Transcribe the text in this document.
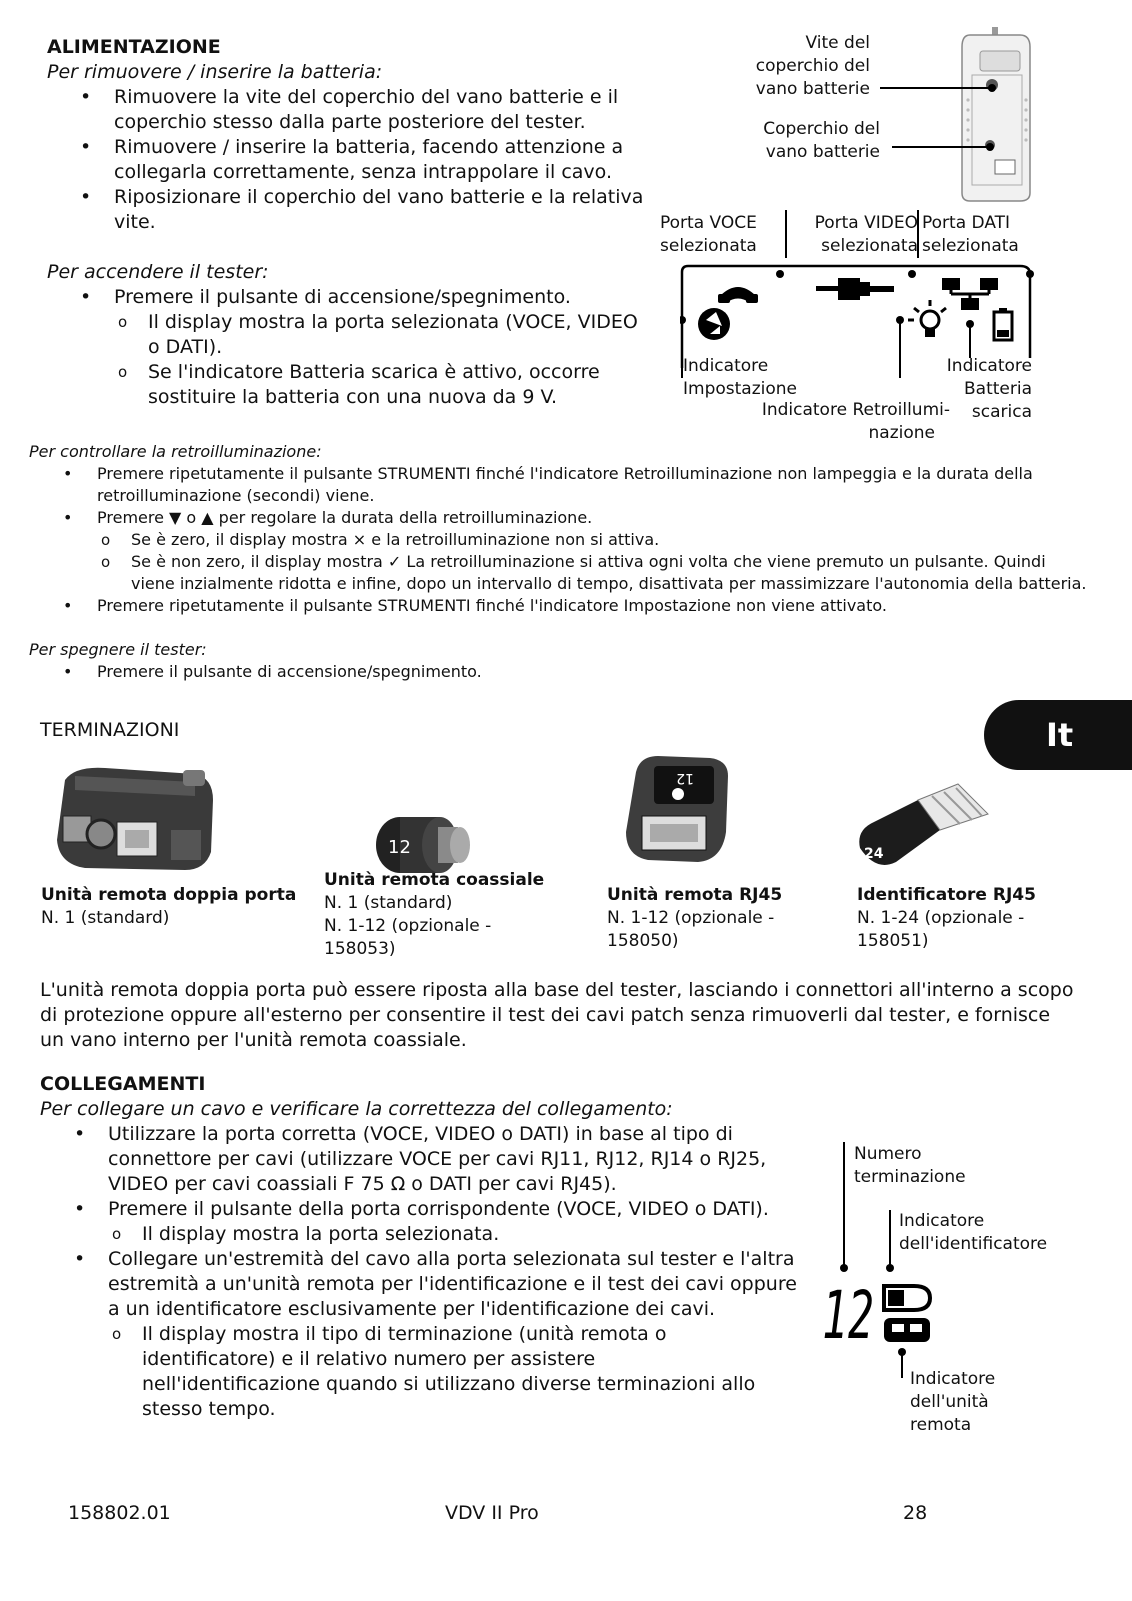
ALIMENTAZIONE
Per rimuovere / inserire la batteria:
• Rimuovere la vite del coperchio del vano batterie e il coperchio stesso dalla parte posteriore del tester.
• Rimuovere / inserire la batteria, facendo attenzione a collegarla correttamente, senza intrappolare il cavo.
• Riposizionare il coperchio del vano batterie e la relativa vite.
Per accendere il tester:
• Premere il pulsante di accensione/spegnimento.
o Il display mostra la porta selezionata (VOCE, VIDEO o DATI).
o Se l'indicatore Batteria scarica è attivo, occorre sostituire la batteria con una nuova da 9 V.
Vite del
coperchio del
vano batterie
Coperchio del
vano batterie
Porta VOCE
selezionata
Porta VIDEO
selezionata
Porta DATI
selezionata
Indicatore
Impostazione
Indicatore Retroillumi-
nazione
Indicatore
Batteria
scarica
Per controllare la retroilluminazione:
• Premere ripetutamente il pulsante STRUMENTI finché l'indicatore Retroilluminazione non lampeggia e la durata della retroilluminazione (secondi) viene.
• Premere ▼ o ▲ per regolare la durata della retroilluminazione.
o Se è zero, il display mostra × e la retroilluminazione non si attiva.
o Se è non zero, il display mostra ✓ La retroilluminazione si attiva ogni volta che viene premuto un pulsante. Quindi viene inzialmente ridotta e infine, dopo un intervallo di tempo, disattivata per massimizzare l'autonomia della batteria.
• Premere ripetutamente il pulsante STRUMENTI finché l'indicatore Impostazione non viene attivato.
Per spegnere il tester:
• Premere il pulsante di accensione/spegnimento.
It
TERMINAZIONI
12
12
24
Unità remota doppia porta
N. 1 (standard)
Unità remota coassiale
N. 1 (standard)
N. 1-12 (opzionale -
158053)
Unità remota RJ45
N. 1-12 (opzionale -
158050)
Identificatore RJ45
N. 1-24 (opzionale -
158051)
L'unità remota doppia porta può essere riposta alla base del tester, lasciando i connettori all'interno a scopo di protezione oppure all'esterno per consentire il test dei cavi patch senza rimuoverli dal tester, e fornisce un vano interno per l'unità remota coassiale.
COLLEGAMENTI
Per collegare un cavo e verificare la correttezza del collegamento:
• Utilizzare la porta corretta (VOCE, VIDEO o DATI) in base al tipo di connettore per cavi (utilizzare VOCE per cavi RJ11, RJ12, RJ14 o RJ25, VIDEO per cavi coassiali F 75 Ω o DATI per cavi RJ45).
• Premere il pulsante della porta corrispondente (VOCE, VIDEO o DATI).
o Il display mostra la porta selezionata.
• Collegare un'estremità del cavo alla porta selezionata sul tester e l'altra estremità a un'unità remota per l'identificazione e il test dei cavi oppure a un identificatore esclusivamente per l'identificazione dei cavi.
o Il display mostra il tipo di terminazione (unità remota o identificatore) e il relativo numero per assistere nell'identificazione quando si utilizzano diverse terminazioni allo stesso tempo.
Numero
terminazione
Indicatore
dell'identificatore
Indicatore
dell'unità
remota
12
158802.01	VDV II Pro	28
